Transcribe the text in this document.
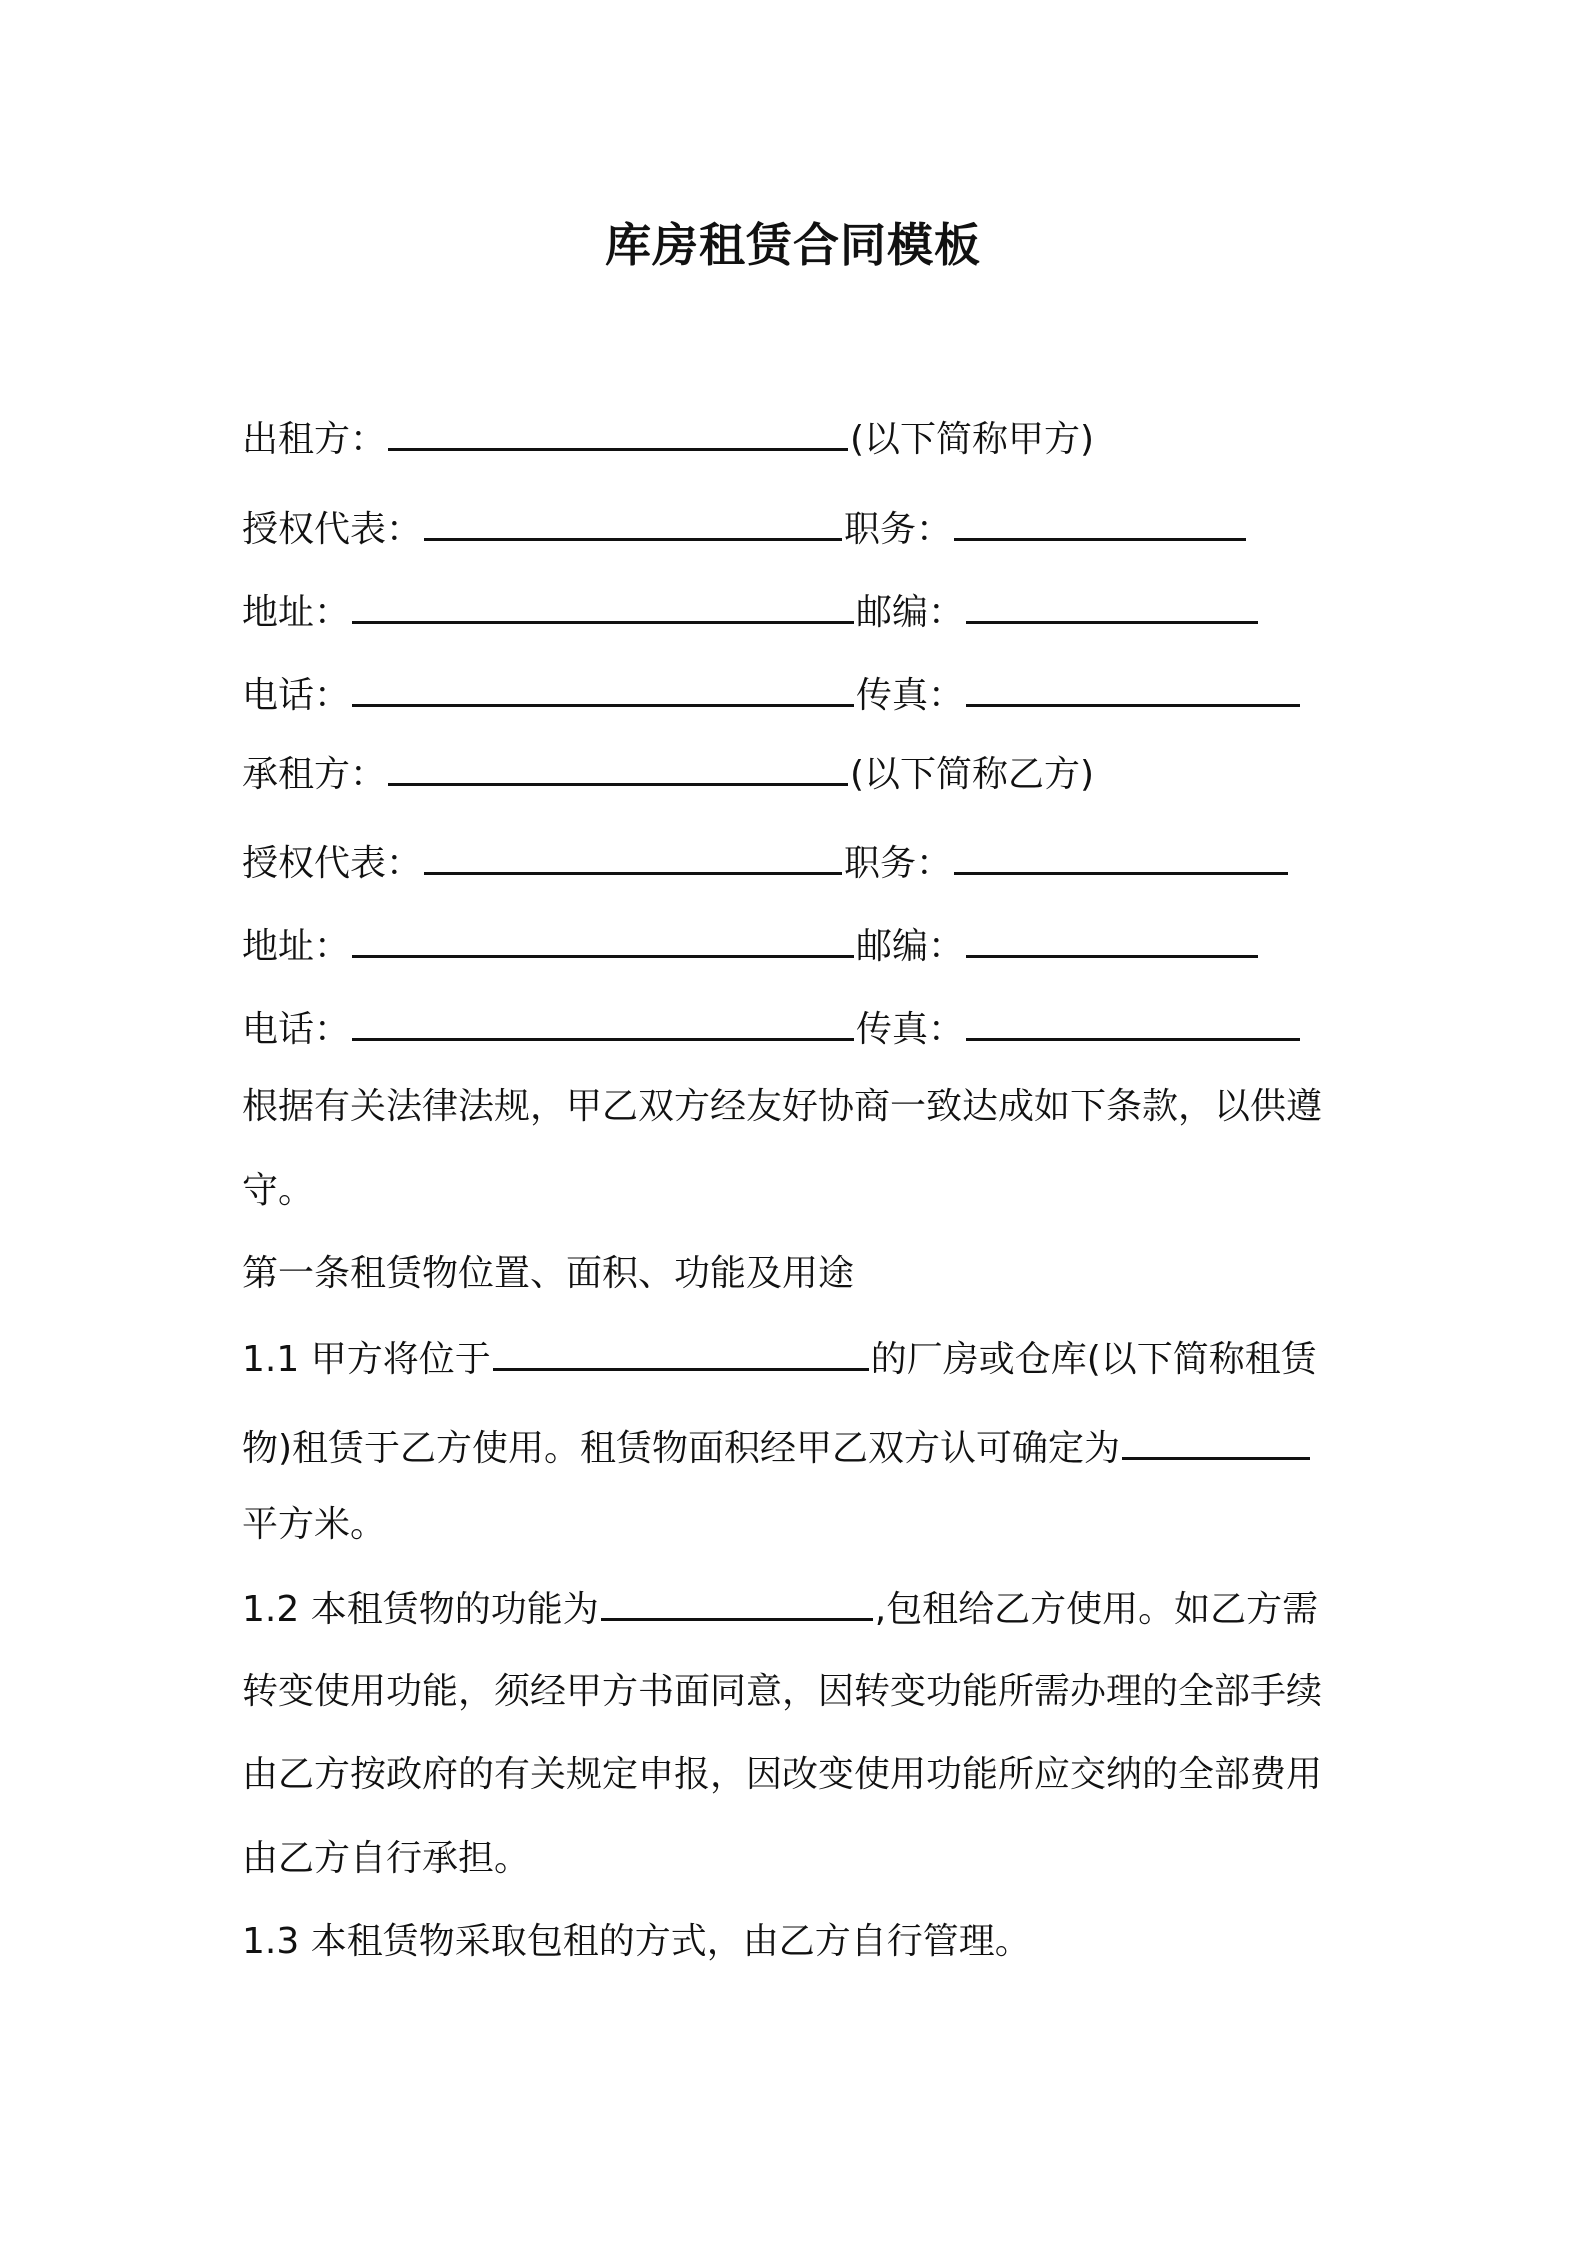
库房租赁合同模板
出租方：	(以下简称甲方)
授权代表：	职务：
地址：	邮编：
电话：	传真：
承租方：	(以下简称乙方)
授权代表：	职务：
地址：	邮编：
电话：	传真：
根据有关法律法规，甲乙双方经友好协商一致达成如下条款，以供遵
守。
第一条租赁物位置、面积、功能及用途
1.1 甲方将位于	的厂房或仓库(以下简称租赁
物)租赁于乙方使用。租赁物面积经甲乙双方认可确定为
平方米。
1.2 本租赁物的功能为	,包租给乙方使用。如乙方需
转变使用功能，须经甲方书面同意，因转变功能所需办理的全部手续
由乙方按政府的有关规定申报，因改变使用功能所应交纳的全部费用
由乙方自行承担。
1.3 本租赁物采取包租的方式，由乙方自行管理。
